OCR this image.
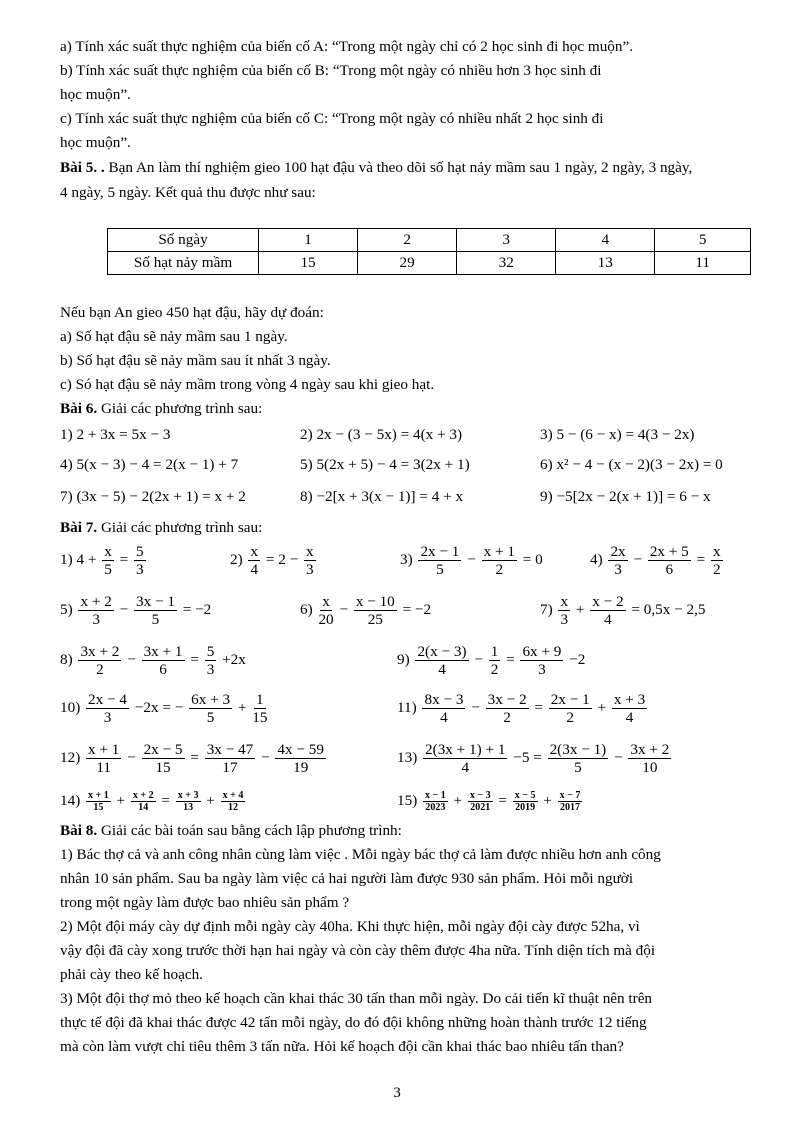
a) Tính xác suất thực nghiệm của biến cố A: “Trong một ngày chỉ có 2 học sinh đi học muộn”.
b) Tính xác suất thực nghiệm của biến cố B: “Trong một ngày có nhiều hơn 3 học sinh đi
học muộn”.
c) Tính xác suất thực nghiệm của biến cố C: “Trong một ngày có nhiều nhất 2 học sinh đi
học muộn”.
Bài 5. . Bạn An làm thí nghiệm gieo 100 hạt đậu và theo dõi số hạt nảy mầm sau 1 ngày, 2 ngày, 3 ngày,
4 ngày, 5 ngày. Kết quả thu được như sau:
Số ngày	1	2	3	4	5
Số hạt nảy mầm	15	29	32	13	11
Nếu bạn An gieo 450 hạt đậu, hãy dự đoán:
a) Số hạt đậu sẽ nảy mầm sau 1 ngày.
b) Số hạt đậu sẽ nảy mầm sau ít nhất 3 ngày.
c) Só hạt đậu sẽ nảy mầm trong vòng 4 ngày sau khi gieo hạt.
Bài 6. Giải các phương trình sau:
1) 2 + 3x = 5x − 3	2) 2x − (3 − 5x) = 4(x + 3)	3) 5 − (6 − x) = 4(3 − 2x)
4) 5(x − 3) − 4 = 2(x − 1) + 7	5) 5(2x + 5) − 4 = 3(2x + 1)	6) x² − 4 − (x − 2)(3 − 2x) = 0
7) (3x − 5) − 2(2x + 1) = x + 2	8) −2[x + 3(x − 1)] = 4 + x	9) −5[2x − 2(x + 1)] = 6 − x
Bài 7. Giải các phương trình sau:
1) $4 + \frac{x}{5} = \frac{5}{3}$	$2) \frac{x}{4} = 2 - \frac{x}{3}$	$3) \frac{2x - 1}{5} - \frac{x + 1}{2} = 0$	$4) \frac{2x}{3} - \frac{2x + 5}{6} = \frac{x}{2}$
$5) \frac{x + 2}{3} - \frac{3x - 1}{5} = -2$	$6) \frac{x}{20} - \frac{x - 10}{25} = -2$	$7) \frac{x}{3} + \frac{x - 2}{4} = 0,5x - 2,5$
$8) \frac{3x + 2}{2} - \frac{3x + 1}{6} = \frac{5}{3} +2x$	$9) \frac{2(x - 3)}{4} - \frac{1}{2} = \frac{6x + 9}{3} -2$
$10) \frac{2x - 4}{3} -2x$ = − $\frac{6x + 3}{5} + \frac{1}{15}$	$11) \frac{8x - 3}{4} - \frac{3x - 2}{2} = \frac{2x - 1}{2} + \frac{x + 3}{4}$
$12) \frac{x + 1}{11} - \frac{2x - 5}{15} = \frac{3x - 47}{17} - \frac{4x - 59}{19}$	$13) \frac{2(3x + 1) + 1}{4} -5 = \frac{2(3x - 1)}{5} - \frac{3x + 2}{10}$
$14) \frac{x + 1}{15} + \frac{x + 2}{14} = \frac{x + 3}{13} + \frac{x + 4}{12}$	$15) \frac{x - 1}{2023} + \frac{x - 3}{2021} = \frac{x - 5}{2019} + \frac{x - 7}{2017}$
Bài 8. Giải các bài toán sau bằng cách lập phương trình:
1) Bác thợ cả và anh công nhân cùng làm việc . Mỗi ngày bác thợ cả làm được nhiều hơn anh công
nhân 10 sản phẩm. Sau ba ngày làm việc cả hai người làm được 930 sản phẩm. Hỏi mỗi người
trong một ngày làm được bao nhiêu sản phẩm ?
2) Một đội máy cày dự định mỗi ngày cày 40ha. Khi thực hiện, mỗi ngày đội cày được 52ha, vì
vậy đội đã cày xong trước thời hạn hai ngày và còn cày thêm được 4ha nữa. Tính diện tích mà đội
phải cày theo kế hoạch.
3) Một đội thợ mỏ theo kế hoạch cần khai thác 30 tấn than mỗi ngày. Do cải tiến kĩ thuật nên trên
thực tế đội đã khai thác được 42 tấn mỗi ngày, do đó đội không những hoàn thành trước 12 tiếng
mà còn làm vượt chỉ tiêu thêm 3 tấn nữa. Hỏi kế hoạch đội cần khai thác bao nhiêu tấn than?
3
